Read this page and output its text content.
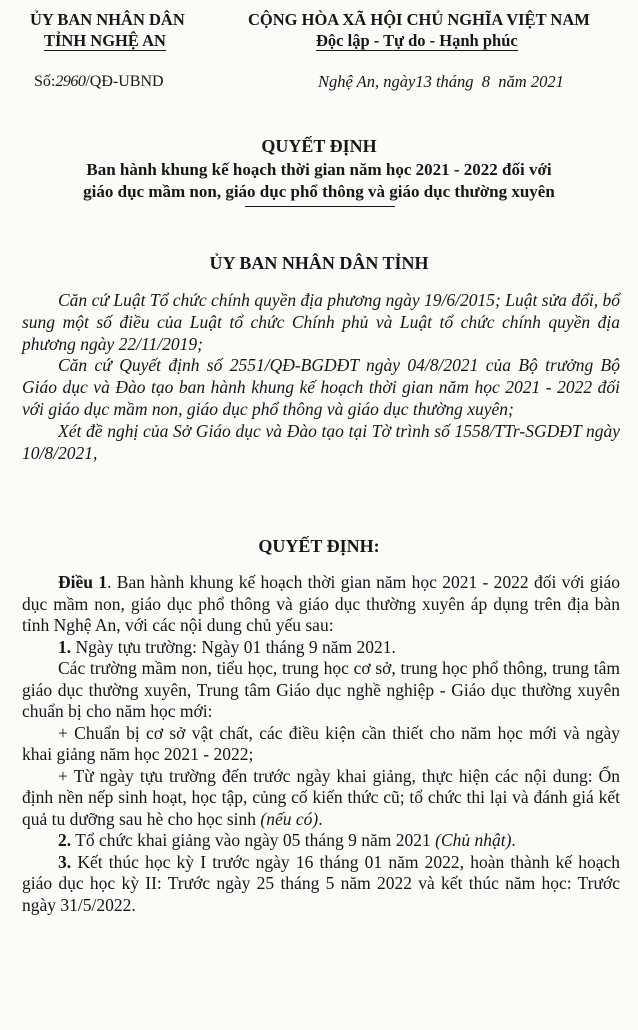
ỦY BAN NHÂN DÂN
TỈNH NGHỆ AN
CỘNG HÒA XÃ HỘI CHỦ NGHĨA VIỆT NAM
Độc lập - Tự do - Hạnh phúc
Số:2960/QĐ-UBND	Nghệ An, ngày13 tháng  8  năm 2021
QUYẾT ĐỊNH
Ban hành khung kế hoạch thời gian năm học 2021 - 2022 đối với
giáo dục mầm non, giáo dục phổ thông và giáo dục thường xuyên
ỦY BAN NHÂN DÂN TỈNH

Căn cứ Luật Tổ chức chính quyền địa phương ngày 19/6/2015; Luật sửa đổi, bổ sung một số điều của Luật tổ chức Chính phủ và Luật tổ chức chính quyền địa phương ngày 22/11/2019;

Căn cứ Quyết định số 2551/QĐ-BGDĐT ngày 04/8/2021 của Bộ trưởng Bộ Giáo dục và Đào tạo ban hành khung kế hoạch thời gian năm học 2021 - 2022 đối với giáo dục mầm non, giáo dục phổ thông và giáo dục thường xuyên;

Xét đề nghị của Sở Giáo dục và Đào tạo tại Tờ trình số 1558/TTr-SGDĐT ngày 10/8/2021,

QUYẾT ĐỊNH:

Điều 1. Ban hành khung kế hoạch thời gian năm học 2021 - 2022 đối với giáo dục mầm non, giáo dục phổ thông và giáo dục thường xuyên áp dụng trên địa bàn tỉnh Nghệ An, với các nội dung chủ yếu sau:

1. Ngày tựu trường: Ngày 01 tháng 9 năm 2021.

Các trường mầm non, tiểu học, trung học cơ sở, trung học phổ thông, trung tâm giáo dục thường xuyên, Trung tâm Giáo dục nghề nghiệp - Giáo dục thường xuyên chuẩn bị cho năm học mới:

+ Chuẩn bị cơ sở vật chất, các điều kiện cần thiết cho năm học mới và ngày khai giảng năm học 2021 - 2022;

+ Từ ngày tựu trường đến trước ngày khai giảng, thực hiện các nội dung: Ổn định nền nếp sinh hoạt, học tập, củng cố kiến thức cũ; tổ chức thi lại và đánh giá kết quả tu dưỡng sau hè cho học sinh (nếu có).

2. Tổ chức khai giảng vào ngày 05 tháng 9 năm 2021 (Chủ nhật).

3. Kết thúc học kỳ I trước ngày 16 tháng 01 năm 2022, hoàn thành kế hoạch giáo dục học kỳ II: Trước ngày 25 tháng 5 năm 2022 và kết thúc năm học: Trước ngày 31/5/2022.
